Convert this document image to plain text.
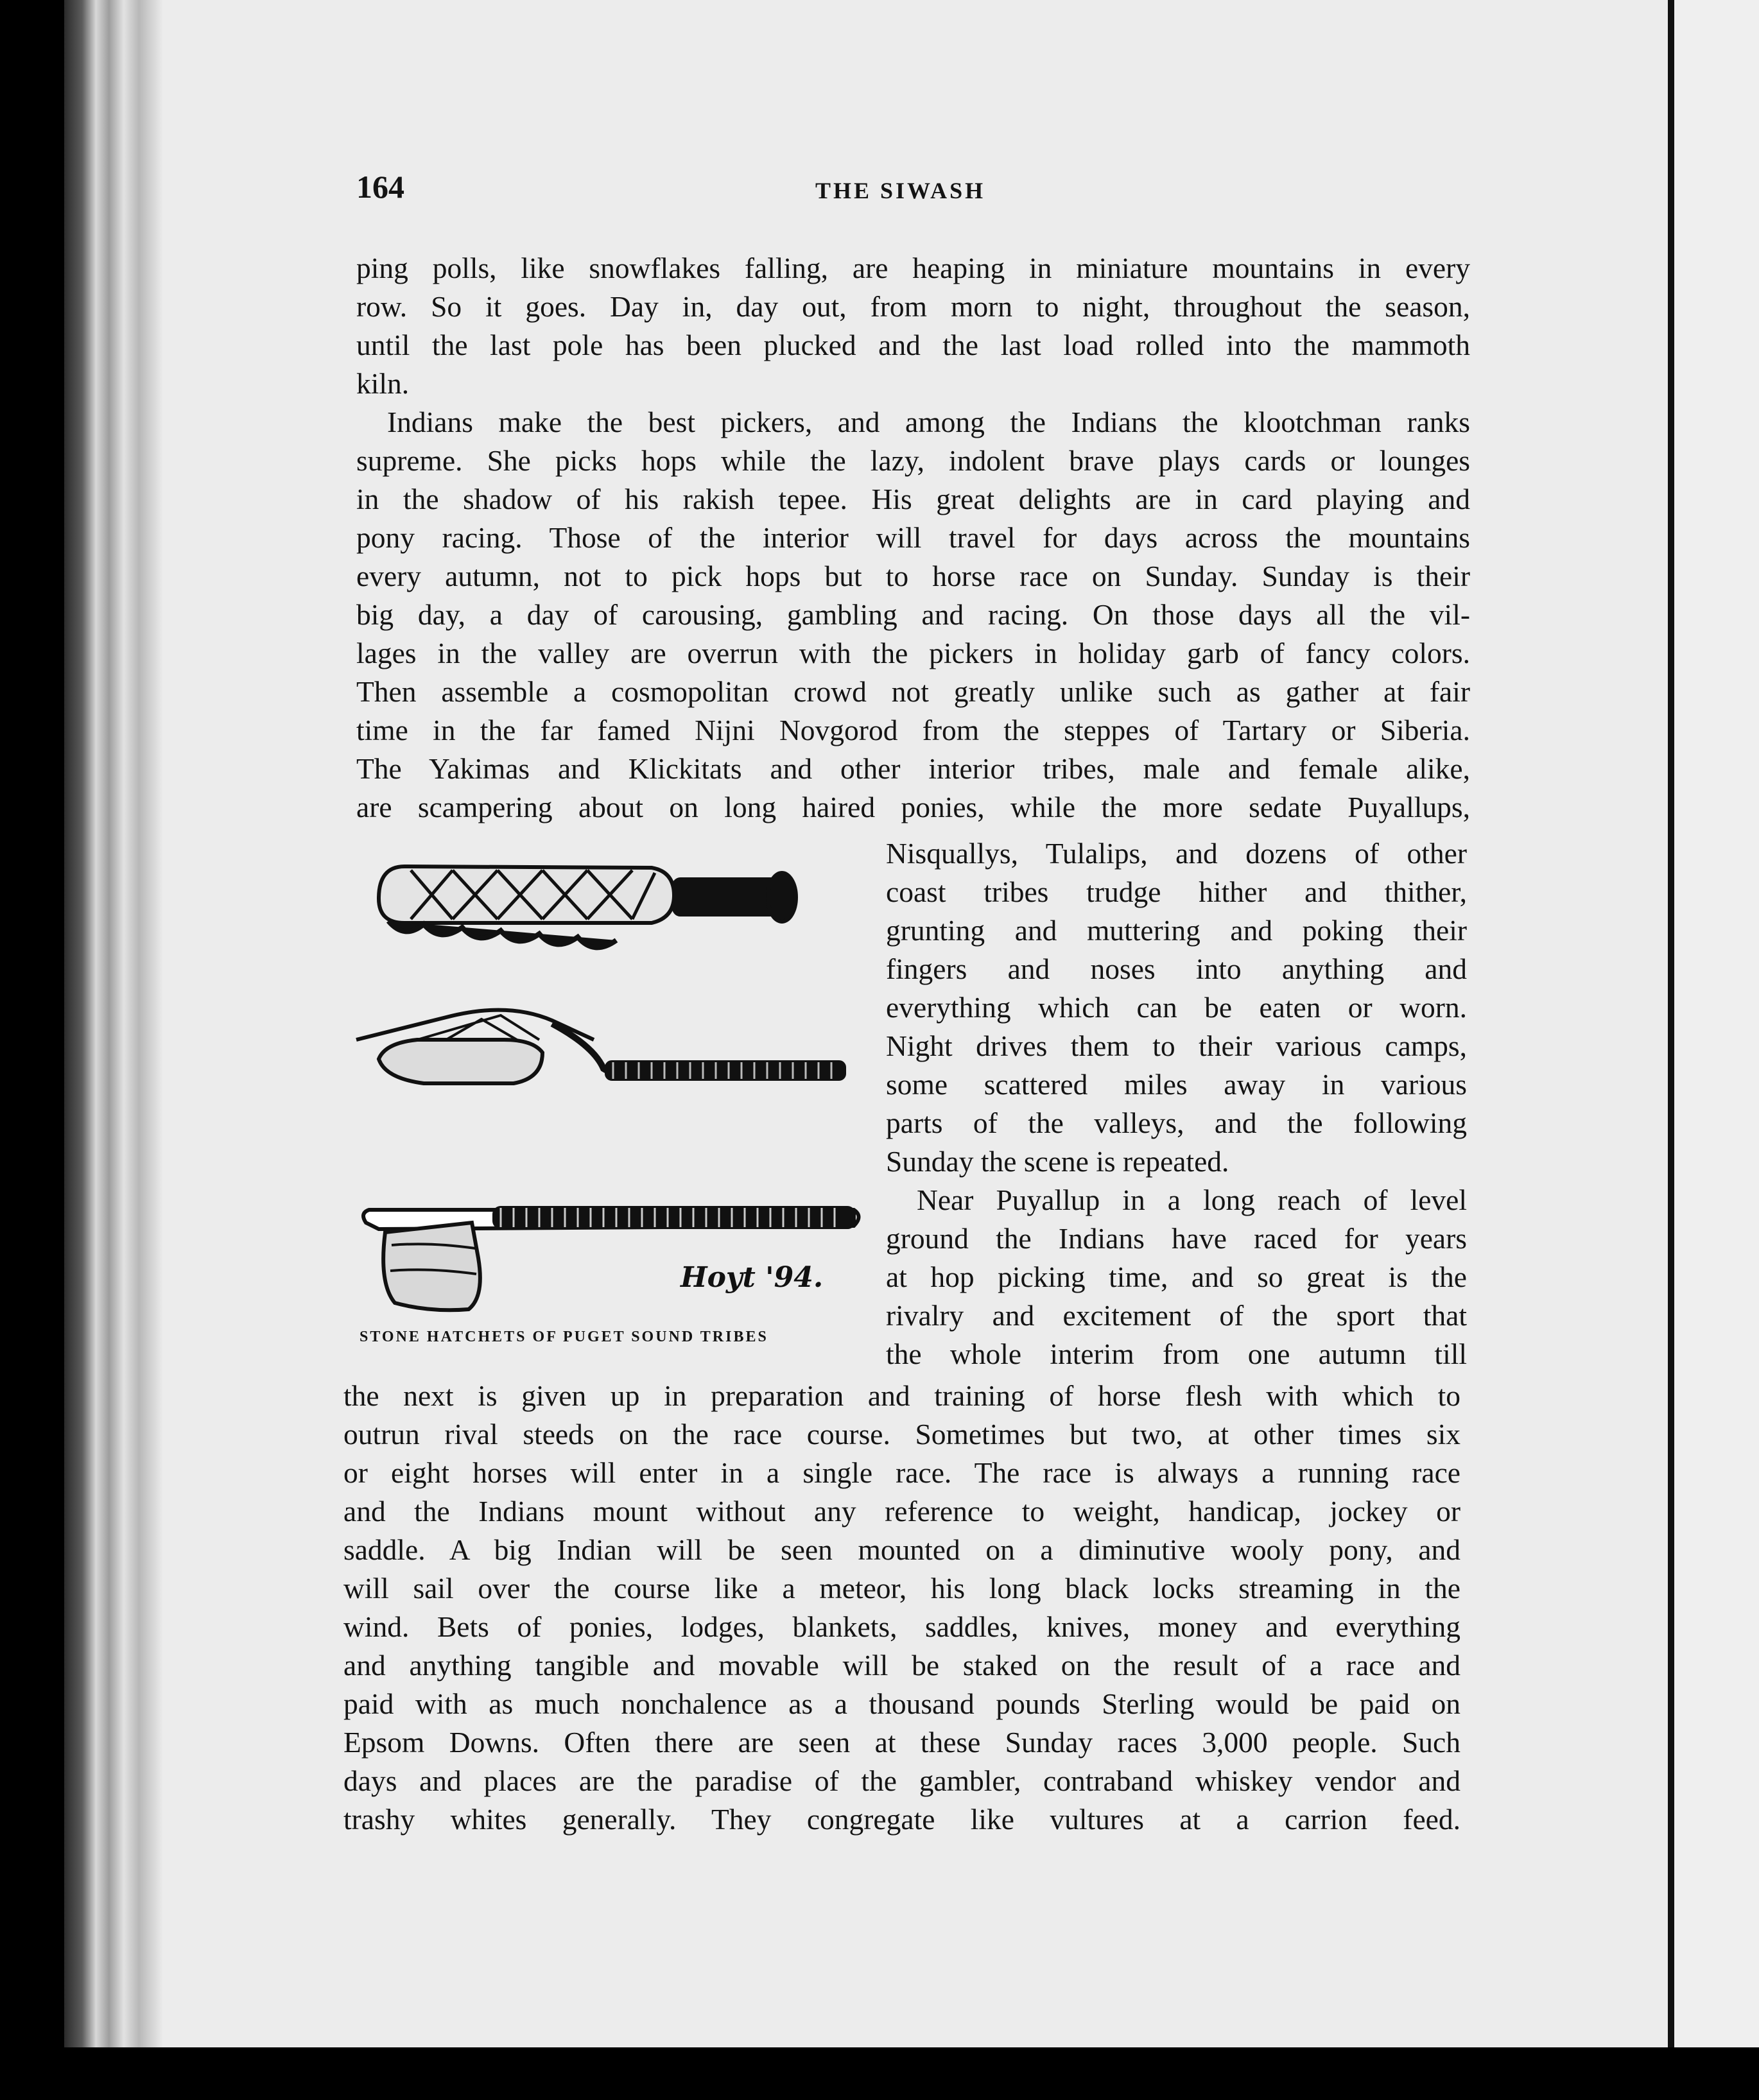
164	THE SIWASH
ping polls, like snowflakes falling, are heaping in miniature mountains in every
row. So it goes. Day in, day out, from morn to night, throughout the season,
until the last pole has been plucked and the last load rolled into the mammoth
kiln.
Indians make the best pickers, and among the Indians the klootchman ranks
supreme. She picks hops while the lazy, indolent brave plays cards or lounges
in the shadow of his rakish tepee. His great delights are in card playing and
pony racing. Those of the interior will travel for days across the mountains
every autumn, not to pick hops but to horse race on Sunday. Sunday is their
big day, a day of carousing, gambling and racing. On those days all the vil-
lages in the valley are overrun with the pickers in holiday garb of fancy colors.
Then assemble a cosmopolitan crowd not greatly unlike such as gather at fair
time in the far famed Nijni Novgorod from the steppes of Tartary or Siberia.
The Yakimas and Klickitats and other interior tribes, male and female alike,
are scampering about on long haired ponies, while the more sedate Puyallups,
Hoyt '94.
STONE HATCHETS OF PUGET SOUND TRIBES
Nisquallys, Tulalips, and dozens of other
coast tribes trudge hither and thither,
grunting and muttering and poking their
fingers and noses into anything and
everything which can be eaten or worn.
Night drives them to their various camps,
some scattered miles away in various
parts of the valleys, and the following
Sunday the scene is repeated.
Near Puyallup in a long reach of level
ground the Indians have raced for years
at hop picking time, and so great is the
rivalry and excitement of the sport that
the whole interim from one autumn till
the next is given up in preparation and training of horse flesh with which to
outrun rival steeds on the race course. Sometimes but two, at other times six
or eight horses will enter in a single race. The race is always a running race
and the Indians mount without any reference to weight, handicap, jockey or
saddle. A big Indian will be seen mounted on a diminutive wooly pony, and
will sail over the course like a meteor, his long black locks streaming in the
wind. Bets of ponies, lodges, blankets, saddles, knives, money and everything
and anything tangible and movable will be staked on the result of a race and
paid with as much nonchalence as a thousand pounds Sterling would be paid on
Epsom Downs. Often there are seen at these Sunday races 3,000 people. Such
days and places are the paradise of the gambler, contraband whiskey vendor and
trashy whites generally. They congregate like vultures at a carrion feed.
